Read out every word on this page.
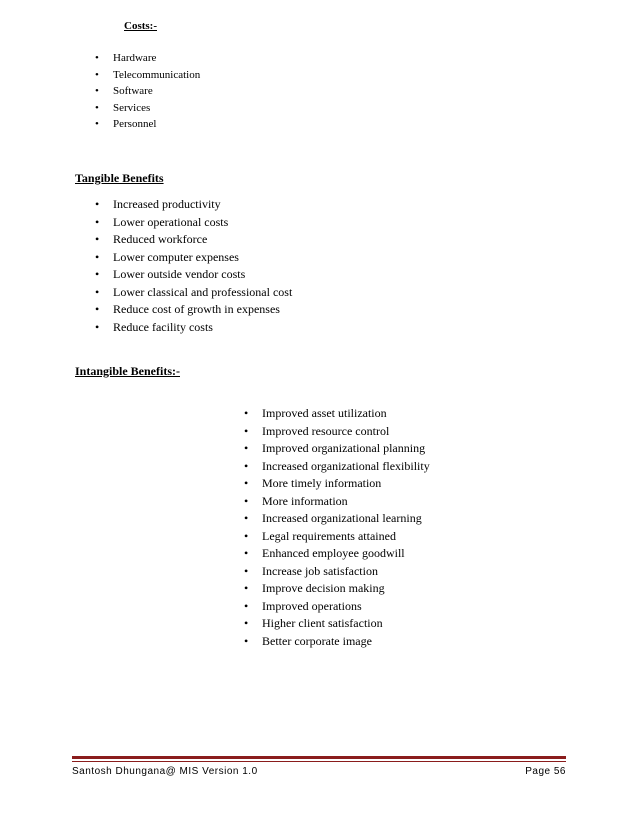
Costs:-
• Hardware
• Telecommunication
• Software
• Services
• Personnel
Tangible Benefits
• Increased productivity
• Lower operational costs
• Reduced workforce
• Lower computer expenses
• Lower outside vendor costs
• Lower classical and professional cost
• Reduce cost of growth in expenses
• Reduce facility costs
Intangible Benefits:-
• Improved asset utilization
• Improved resource control
• Improved organizational planning
• Increased organizational flexibility
• More timely information
• More information
• Increased organizational learning
• Legal requirements attained
• Enhanced employee goodwill
• Increase job satisfaction
• Improve decision making
• Improved operations
• Higher client satisfaction
• Better corporate image
Santosh Dhungana@ MIS Version 1.0	Page 56
